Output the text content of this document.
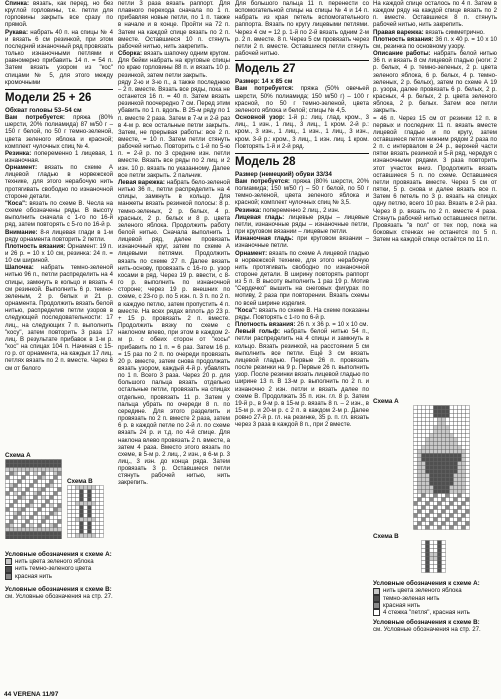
Спинка: вязать, как перед, но без круглой горловины, т.е. петли для горловины закрыть все сразу по прямой.

Рукава: набрать 40 п. на спицы № 4 и вязать 6 см резинкой, при этом последний изнаночный ряд провязать только изнаночными петлями и равномерно прибавить 14 п. = 54 п. Затем вязать узором из "кос" спицами № 5, для этого между кромочными

Модели 25 + 26
Обхват головы 53–54 см

Вам потребуется: пряжа (80% шерсти, 20% полиамида) 87 м/50 г – 150 г белой, по 50 г темно-зеленой, цвета зеленого яблока и красной; комплект чулочных спиц № 4.

Резинка: попеременно 1 лицевая, 1 изнаночная.

Орнамент: вязать по схеме А лицевой гладью в норвежской технике, для этого нерабочую нить протягивать свободно по изнаночной стороне детали.

"Коса": вязать по схеме В. Чесла на схеме обозначены ряды. В высоту выполнить сначала с 1-го по 16-й ряд, затем повторять с 5-го по 16-й р.

Внимание: 8-я лицевая глади в 1-м ряду орнамента повторить 2 петли.

Плотность вязания: Орнамент: 19 п. и 26 р. = 10 x 10 см, резинка: 24 п. = 10 см шириной.

Шапочка: набрать темно-зеленой нитью 96 п., петли распределить на 4 спицы, замкнуть в кольцо и вязать 4 см резинкой. Выполнить 6 р. темно-зеленым, 2 р. белых и 21 р. орнамента. Продолжить вязать белой нитью, распределив петли узоров в следующей последовательности: 17 лиц., на следующих 7 п. выполнить "косу", затем повторить 3 раза 17 лиц. В результате прибавок в 1-м р. "кос" на спицах 104 п. Начиная с 15-го р. от орнамента, на каждых 17 лиц. петлях вязать по 2 п. вместе. Через 6 см от белого

Схема А
Схема В
Условные обозначения к схеме А:
нить цвета зеленого яблока
нить темно-зеленого цвета
красная нить
Условные обозначения к схеме В:
см. Условные обозначения на стр. 27.

петли 3 раза вязать раппорт. Для плавного перехода сначала по 1 п. прибавляя новые петли, по 1 п. также в начале и в конце. Пройти на 72 п. Затем на каждой спице вязать по 2 п. вместе. Оставшиеся 10 п. стянуть рабочей нитью, нить закрепить.

Сборка: вязать шапочку одним кругом. Для бейки набрать на круговые спицы по краю горловины 88 п. и вязать 10 р. резинкой, затем петли закрыть.

ряду 2-ю и 3-ю п., а также последнюю – 2 п. вместе. Вязать все ряды, пока не останется 16 п. = 40 п. Затем вязать резинкой поочередно 7 см. Перед этим убавить по 1 п. вдоль. В 25-м ряду по 1 п. вместе 2 раза. Затем в 7-м и 2-й раз в 4-м р. все остальные петли закрыть. Затем, не прерывая работы: все 2 п. вместе, = 10 п. Затем петли стянуть рабочей нитью. Повторить с 1-й по 5-ю п. = 2-й р. по 3 средние изн. петли вместе. Вязать все ряды по 2 лиц. и 2 изн. 10 р. вязать по указанному. Далее все петли закрыть. 2 пальчик.

Левая варежка: набрать бело-зеленой нитью 36 п., петли распределить на 4 спицы, замкнуть в кольцо. Для манжеты вязать резинкой полосы: 8 р. темно-зеленых, 2 р. белых, 4 р. красных, 2 р. белых и 8 р. цвета зеленого яблока. Продолжить работу белой нитью. Сначала выполнить 1 лицевой ряд, далее провязать изнаночный круг, затем по схеме А лицевыми петлями. Продолжить вязать по схеме 27 п. Далее вязать нить-основу, провязать с 16-го р. узор косами в ряд. Через 19 р. ввести, с 8-го р. выполнить по изнаночной стороне; через 19 р. внешних по схеме, с 23-го р. по 5 изн. п. 3 п. по 2 п. в каждую петлю, затем пропустить 4 п. вместе. На всех рядах вплоть до 23 р. + 15 р. провязать 2 п. вместе. Продолжить вязку по схеме с наклоном влево, при этом в каждом 2-м р. с обеих сторон от "косы" прибавить по 1 п. = 6 раз. Затем 16 р. = 15 раз по 2 п. по очереди провязать 20 р. вместе, затем снова продолжать вязать узором, каждый 4-й р. убавлять по 1 п. Всего 3 раза. Через 20 р. для большого пальца вязать отдельно остальные петли, провязать на спицах отдельно, провязать 11 р. Затем у пальца убрать по очереди 8 п. по середине. Для этого разделить и провязать по 2 п. вместе 2 раза, затем 6 р. в каждой петле по 2-й л. по схеме вязать 24 р. и т.д. по 4-й спице. Для наклона влево провязать 2 п. вместе, а затем 4 раза. Вместо этого вязать по схеме, в 5-м р. 2 лиц., 2 изн., в 6-м р. 3 лиц., 3 изн. до конца ряда. Затем провязать 3 р. Оставшиеся петли стянуть рабочей нитью, нить закрепить.

Для большого пальца 11 п. перенести со вспомогательной спицы на спицы № 4 и 14 п. набрать из края петель вспомогательного раппорта. Вязать по кругу лицевыми петлями. Через 4 см = 12 р. 1-й по 2-й вязать одним 2-м р. 2 п. вместе. 8 п. Через 5 см провязать через петли 2 п. вместе. Оставшиеся петли стянуть рабочей нитью.

Модель 27
Размер: 14 x 85 см

Вам потребуется: пряжа (50% овечьей шерсти, 50% полиамида; 150 м/50 г) – 100 г красной, по 50 г темно-зеленой, цвета зеленого яблока и белой; спицы № 4,5.

Основной узор: 1-й р.: лиц. глад. кром., 3 лиц., 1 изн., 1 лиц., 3 лиц., 1 кром. 2-й р.: кром., 3 изн., 1 лиц., 1 изн., 1 лиц., 3 изн., кром. 3-й р.: кром., 3 лиц., 1 изн. лиц. 1 кром. Повторять 1-й и 2-й ряд.

Модель 28
Размер (немецкий) обуви 33/34

Вам потребуется: пряжа (80% шерсти, 20% полиамида; 150 м/50 г) – 50 г белой, по 50 г темно-зеленой, цвета зеленого яблока и красной; комплект чулочных спиц № 3,5.

Резинка: попеременно 2 лиц., 2 изн.

Лицевая гладь: лицевые ряды – лицевые петли, изнаночные ряды – изнаночные петли, при круговом вязании – лицевые петли.

Изнаночная гладь: при круговом вязании – изнаночные петли.

Орнамент: вязать по схеме А лицевой гладью в норвежской технике, для этого нерабочую нить протягивать свободно по изнаночной стороне детали. В ширину повторять раппорт из 5 п. В высоту выполнить 1 раз 19 р. Мотив "Сердечко" вышить на снеговых фигурах по мотиву, 2 раза при повторении. Вязать схемы по всей ширине изделия.

"Коса": вязать по схеме В. На схеме показаны ряды. Повторять с 1-го по 6-й р.

Плотность вязания: 26 п. x 36 р. = 10 x 10 см.

Левый гольф: набрать белой нитью 54 п., петли распределить на 4 спицы и замкнуть в кольцо. Вязать резинкой, на расстоянии 5 см выполнить все петли. Ещё 3 см вязать лицевой гладью. Первые 26 п. провязать после резинки на 9 р. Первые 26 п. выполнить узор. После резинки вязать лицевой гладью по ширине 13 п. В 13-м р. выполнить по 2 п. и изнаночно 2 изн. петли и вязать далее по схеме В. Продолжать 35 п. изн. гл. 8 р. Затем 19-й р., в 9-м р. в 15-м р. вязать 8 п. – 2 изн., в 15-м р. и 20-м р. с 2 п. в каждом 2-м р. Далее ровно 27-й р. гл. на резинке, 35 р. п. гл. вязать через 3 раза в каждой 8 п., при 2 вместе.

На каждой спице осталось по 4 п. Затем в каждом ряду на каждой спице вязать по 2 п. вместе. Оставшиеся 8 п. стянуть рабочей нитью, нить закрепить.

Правая варежка: вязать симметрично.

Плотность вязания: 36 п. x 40 р. = 10 x 10 см, резинка по основному узору.

Описание работы: набрать белой нитью 36 п. и вязать 8 см лицевой гладью (ноги: 2 р. белых, 4 р. темно-зеленых, 2 р. цвета зеленого яблока, 6 р. белых, 4 р. темно-зеленых, 2 р. белых), затем по схеме А 19 р. узора, далее провязать 6 р. белых, 2 р. красных, 4 р. белых, 2 р. цвета зеленого яблока, 2 р. белых. Затем все петли закрыть.

= 46 п. Через 15 см от резинки 12 п. в первых и последних 11 п. вязать вместе лицевой гладью и по кругу, затем оставшиеся петли нижним рядом 2 раза по 2 п. с интервалом в 24 р., верхней части пятки вязать резинкой и 5-й ряд, чередуя с изнаночными рядами. 3 раза повторить этот участок вниз. Продолжить вязать оставшиеся 5 п. по схеме. Оставшиеся петли провязать вместе. Через 5 см от пятки, 5 р. снова и далее вязать все п. Затем 6 петель по 3 р. вязать на спицах одну петлю, всего 10 раз. Вязать в 2-й раз. Через 8 р. вязать по 2 п. вместе 4 раза. Стянуть рабочей нитью оставшиеся петли. Провязать "в пол" от тех пор, пока на боковых стенках не останется по 5 п. Затем на каждой спице остаётся по 11 п.

Схема А
Схема В
Условные обозначения к схеме А:
нить цвета зеленого яблока
темно-зеленая нить
красная нить
4 стежка "петля", красная нить
Условные обозначения к схеме В:
см. Условные обозначения на стр. 27.
44 VERENA 11/97
